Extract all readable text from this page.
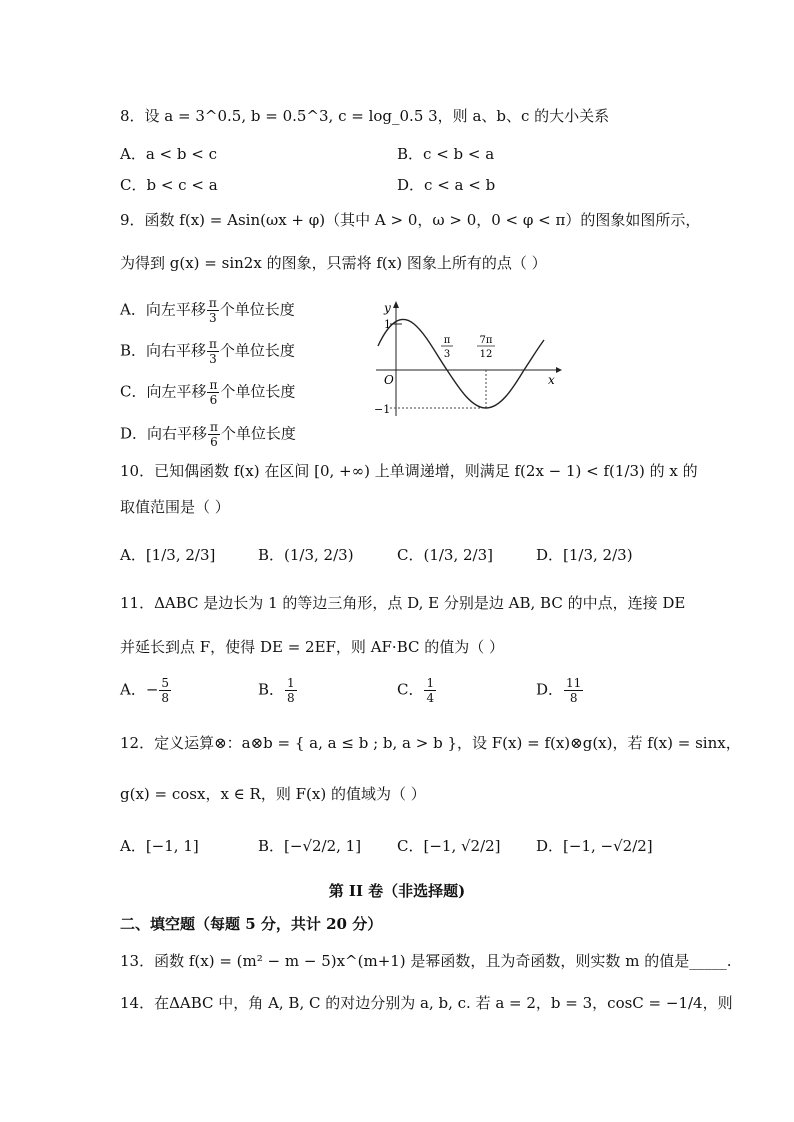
8．设 a = 3^0.5, b = 0.5^3, c = log_0.5 3，则 a、b、c 的大小关系
A．a < b < c	B．c < b < a
C．b < c < a	D．c < a < b
9．函数 f(x) = Asin(ωx + φ)（其中 A > 0，ω > 0，0 < φ < π）的图象如图所示，
为得到 g(x) = sin2x 的图象，只需将 f(x) 图象上所有的点（ ）
A．向左平移 $\frac{\pi}{3}$ 个单位长度
B．向右平移 $\frac{\pi}{3}$ 个单位长度
C．向左平移 $\frac{\pi}{6}$ 个单位长度
D．向右平移 $\frac{\pi}{6}$ 个单位长度
y
x
O
1
−1
π
3
7π
12
10．已知偶函数 f(x) 在区间 [0, +∞) 上单调递增，则满足 f(2x − 1) < f(1/3) 的 x 的
取值范围是（ ）
A．[1/3, 2/3]	B．(1/3, 2/3)	C．(1/3, 2/3]	D．[1/3, 2/3)
11．ΔABC 是边长为 1 的等边三角形，点 D, E 分别是边 AB, BC 的中点，连接 DE
并延长到点 F，使得 DE = 2EF，则 AF·BC 的值为（ ）
A．− $\frac{5}{8}$	B． $\frac{1}{8}$	C． $\frac{1}{4}$	D． $\frac{11}{8}$
12．定义运算⊗：a⊗b = { a, a ≤ b ; b, a > b }，设 F(x) = f(x)⊗g(x)，若 f(x) = sinx，
g(x) = cosx，x ∈ R，则 F(x) 的值域为（ ）
A．[−1, 1]	B．[−√2/2, 1] C．[−1, √2/2] D．[−1, −√2/2]
第 II 卷（非选择题)
二、填空题（每题 5 分，共计 20 分）
13．函数 f(x) = (m² − m − 5)x^(m+1) 是幂函数，且为奇函数，则实数 m 的值是_____.
14．在ΔABC 中，角 A, B, C 的对边分别为 a, b, c. 若 a = 2，b = 3，cosC = −1/4，则
